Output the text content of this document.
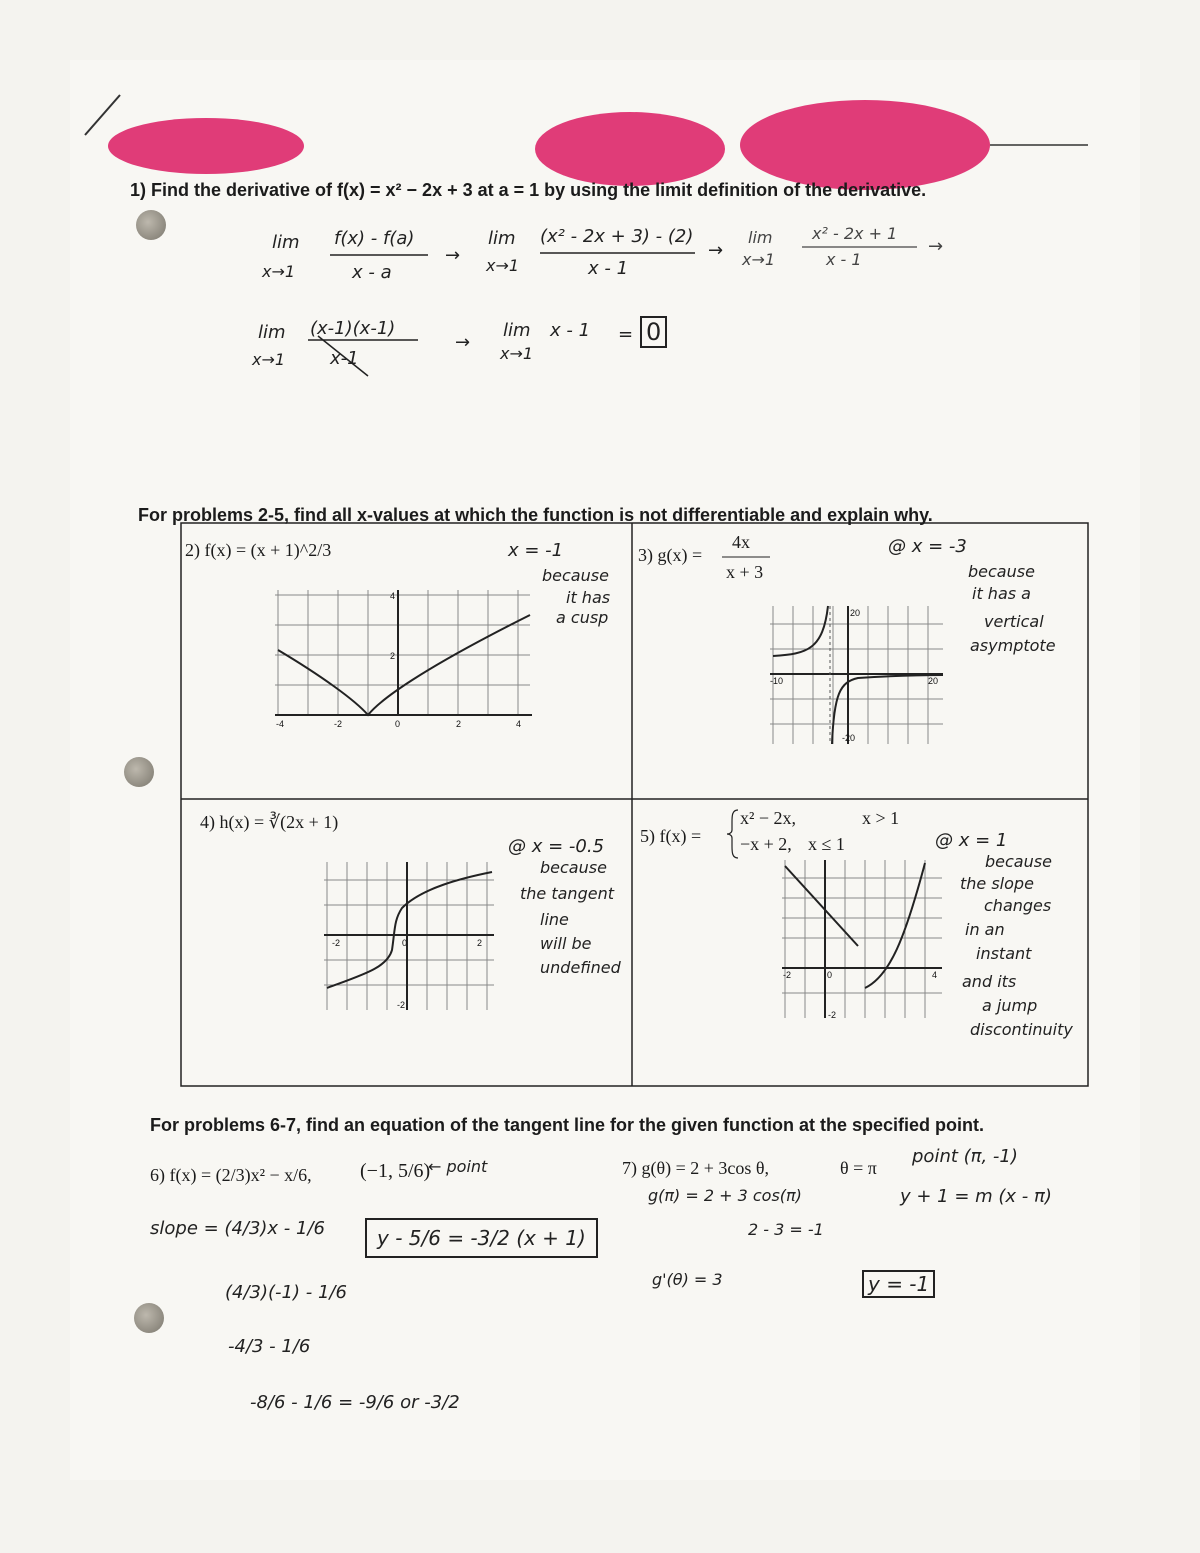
1) Find the derivative of f(x) = x² − 2x + 3 at a = 1 by using the limit definition of the derivative.
lim
x→1
f(x) - f(a)
x - a
→
lim
x→1
(x² - 2x + 3) - (2)
x - 1
→
lim
x→1
x² - 2x + 1
x - 1
→
lim
x→1
(x-1)(x-1)
x-1
→
lim
x→1
x - 1 = 0
For problems 2-5, find all x-values at which the function is not differentiable and explain why.
2) f(x) = (x + 1)^2/3	x = -1
because
it has
a cusp
-4	-2	0	2	4
2
4
3) g(x) =
4x
x + 3
@ x = -3
because
it has a
vertical
asymptote
20
-20
-10	20
4) h(x) = ∛(2x + 1)
@ x = -0.5
because
the tangent
line
will be
undefined
-2	0	2
-2
5) f(x) =
x² − 2x,	x > 1
−x + 2, x ≤ 1	@ x = 1
because
the slope
changes
in an
instant
and its
a jump
discontinuity
-2	0	4
-2
For problems 6-7, find an equation of the tangent line for the given function at the specified point.
6) f(x) = (2/3)x² − x/6, (−1, 5/6)
← point
slope = (4/3)x - 1/6
(4/3)(-1) - 1/6
-4/3 - 1/6
-8/6 - 1/6 = -9/6 or -3/2
y - 5/6 = -3/2 (x + 1)
7) g(θ) = 2 + 3cos θ,	θ = π
point (π, -1)
g(π) = 2 + 3 cos(π)
2 - 3 = -1
y + 1 = m (x - π)
g'(θ) = 3	y = -1
